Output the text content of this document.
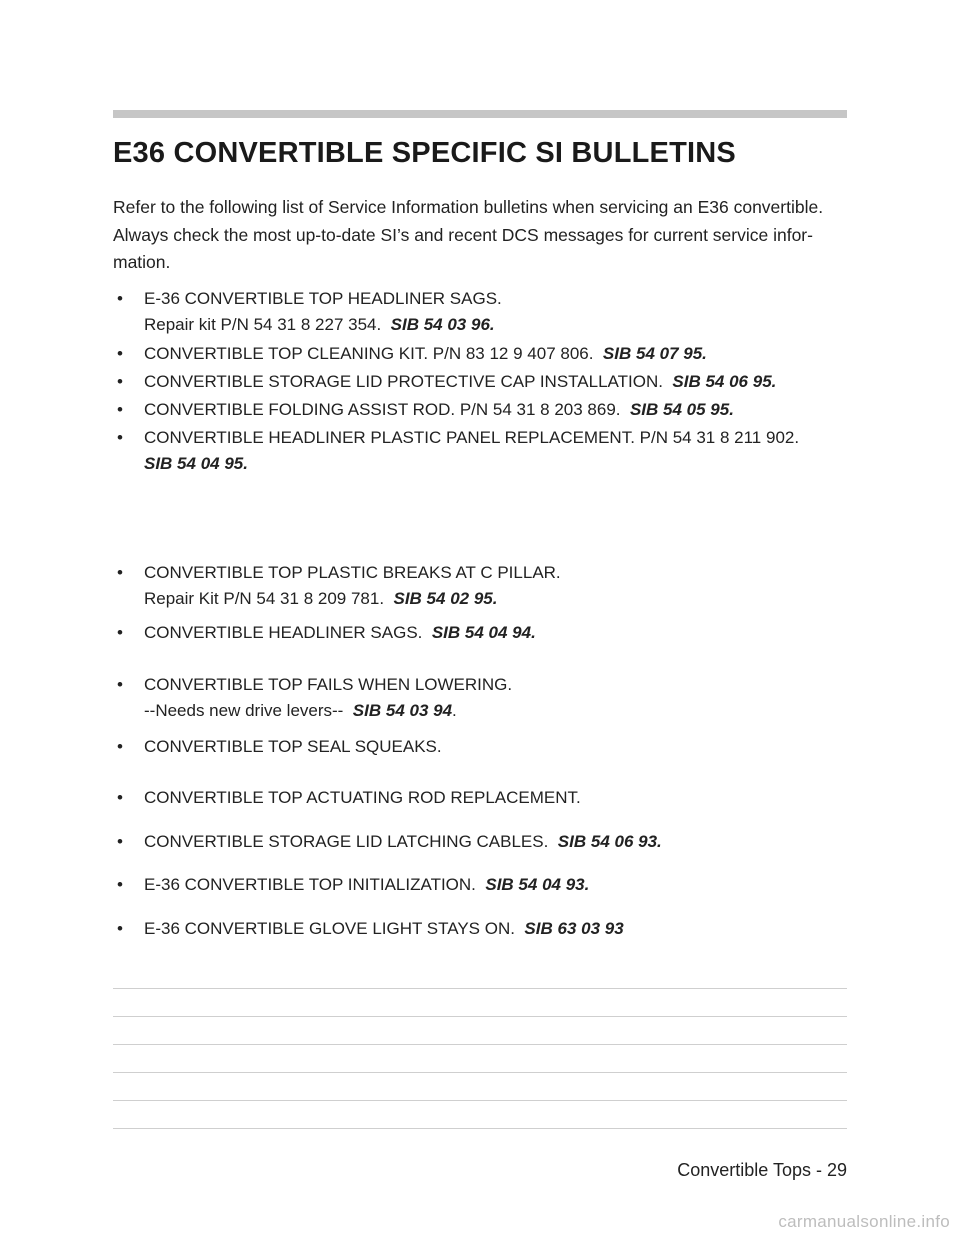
E36 CONVERTIBLE SPECIFIC SI BULLETINS
Refer to the following list of Service Information bulletins when servicing an E36 convertible.
Always check the most up-to-date SI’s and recent DCS messages for current service infor-
mation.
• E-36 CONVERTIBLE TOP HEADLINER SAGS.
Repair kit P/N 54 31 8 227 354. SIB 54 03 96.
• CONVERTIBLE TOP CLEANING KIT. P/N 83 12 9 407 806. SIB 54 07 95.
• CONVERTIBLE STORAGE LID PROTECTIVE CAP INSTALLATION. SIB 54 06 95.
• CONVERTIBLE FOLDING ASSIST ROD. P/N 54 31 8 203 869. SIB 54 05 95.
• CONVERTIBLE HEADLINER PLASTIC PANEL REPLACEMENT. P/N 54 31 8 211 902.
SIB 54 04 95.
• CONVERTIBLE TOP PLASTIC BREAKS AT C PILLAR.
Repair Kit P/N 54 31 8 209 781. SIB 54 02 95.
• CONVERTIBLE HEADLINER SAGS. SIB 54 04 94.
• CONVERTIBLE TOP FAILS WHEN LOWERING.
--Needs new drive levers-- SIB 54 03 94.
• CONVERTIBLE TOP SEAL SQUEAKS.
• CONVERTIBLE TOP ACTUATING ROD REPLACEMENT.
• CONVERTIBLE STORAGE LID LATCHING CABLES. SIB 54 06 93.
• E-36 CONVERTIBLE TOP INITIALIZATION. SIB 54 04 93.
• E-36 CONVERTIBLE GLOVE LIGHT STAYS ON. SIB 63 03 93
Convertible Tops - 29
carmanualsonline.info
